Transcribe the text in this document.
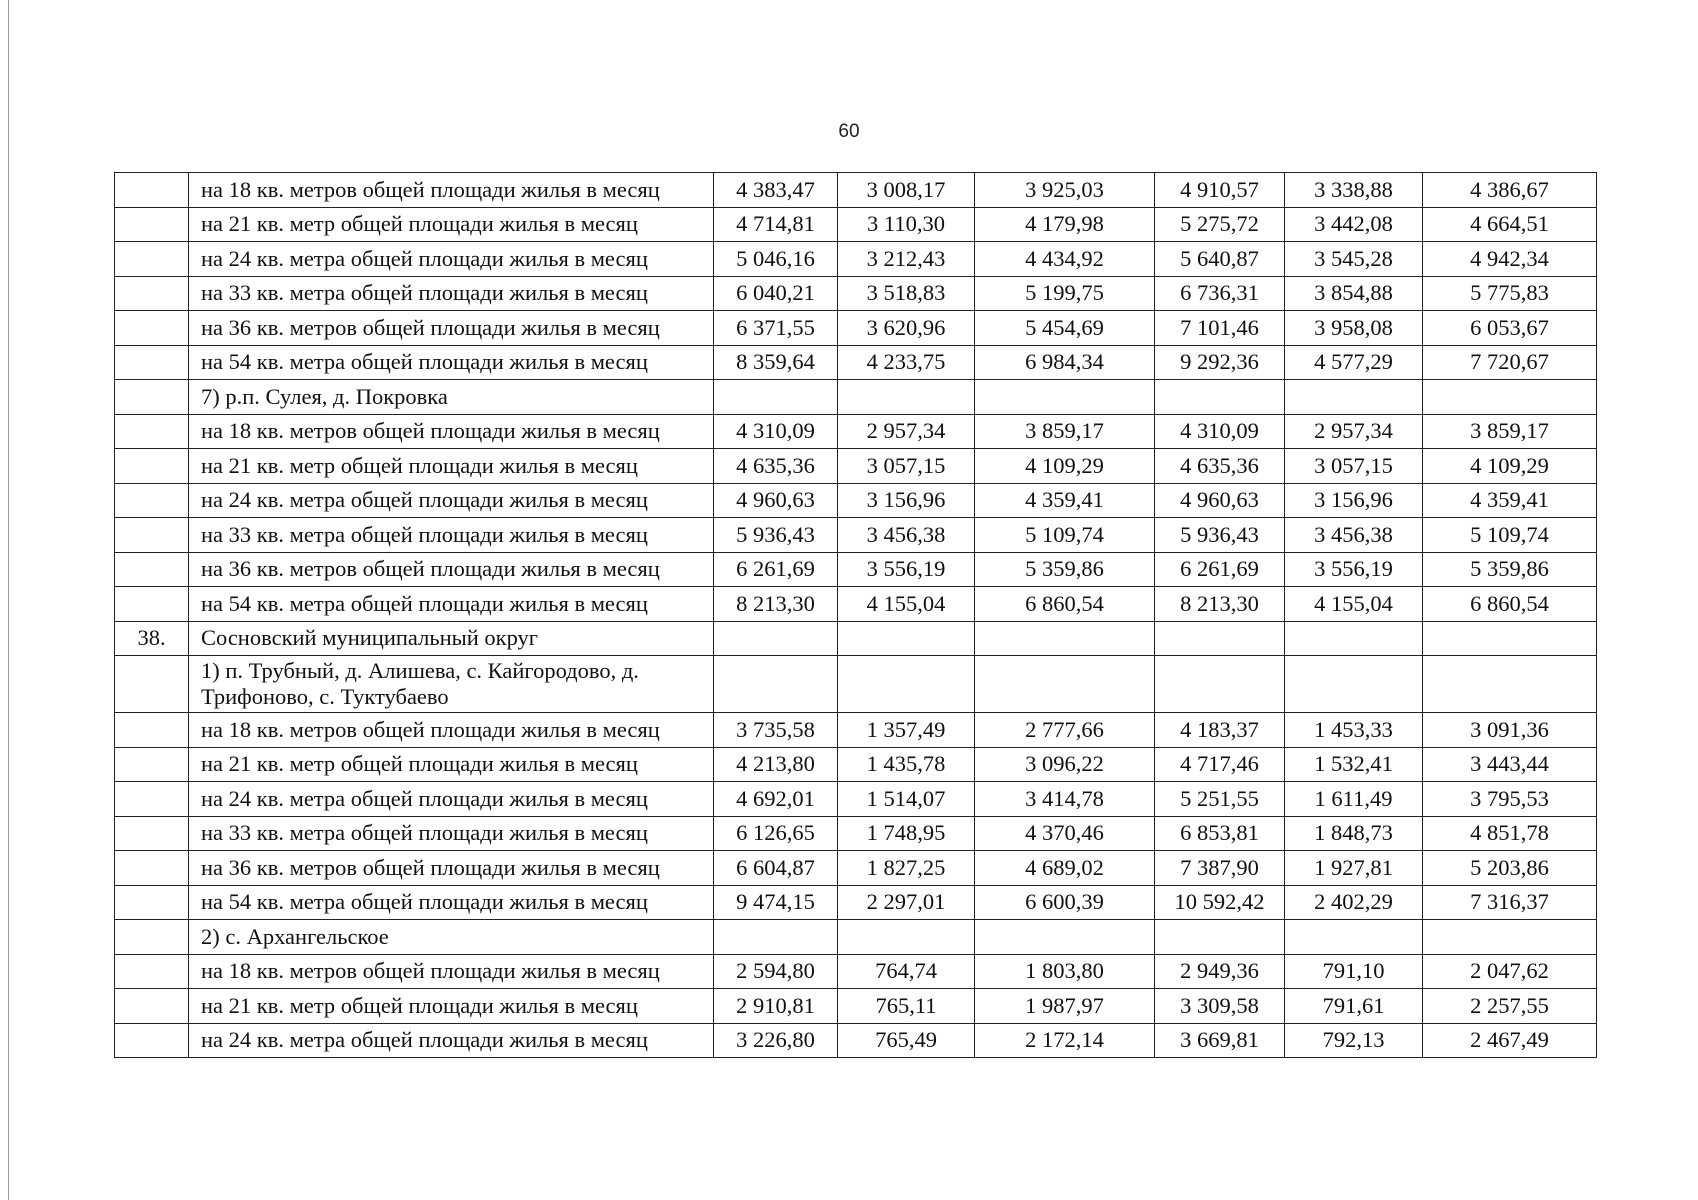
60
	на 18 кв. метров общей площади жилья в месяц	4 383,47	3 008,17	3 925,03	4 910,57	3 338,88	4 386,67
	на 21 кв. метр общей площади жилья в месяц	4 714,81	3 110,30	4 179,98	5 275,72	3 442,08	4 664,51
	на 24 кв. метра общей площади жилья в месяц	5 046,16	3 212,43	4 434,92	5 640,87	3 545,28	4 942,34
	на 33 кв. метра общей площади жилья в месяц	6 040,21	3 518,83	5 199,75	6 736,31	3 854,88	5 775,83
	на 36 кв. метров общей площади жилья в месяц	6 371,55	3 620,96	5 454,69	7 101,46	3 958,08	6 053,67
	на 54 кв. метра общей площади жилья в месяц	8 359,64	4 233,75	6 984,34	9 292,36	4 577,29	7 720,67
	7) р.п. Сулея, д. Покровка						
	на 18 кв. метров общей площади жилья в месяц	4 310,09	2 957,34	3 859,17	4 310,09	2 957,34	3 859,17
	на 21 кв. метр общей площади жилья в месяц	4 635,36	3 057,15	4 109,29	4 635,36	3 057,15	4 109,29
	на 24 кв. метра общей площади жилья в месяц	4 960,63	3 156,96	4 359,41	4 960,63	3 156,96	4 359,41
	на 33 кв. метра общей площади жилья в месяц	5 936,43	3 456,38	5 109,74	5 936,43	3 456,38	5 109,74
	на 36 кв. метров общей площади жилья в месяц	6 261,69	3 556,19	5 359,86	6 261,69	3 556,19	5 359,86
	на 54 кв. метра общей площади жилья в месяц	8 213,30	4 155,04	6 860,54	8 213,30	4 155,04	6 860,54
38.	Сосновский муниципальный округ						
	1) п. Трубный, д. Алишева, с. Кайгородово, д. Трифоново, с. Туктубаево						
	на 18 кв. метров общей площади жилья в месяц	3 735,58	1 357,49	2 777,66	4 183,37	1 453,33	3 091,36
	на 21 кв. метр общей площади жилья в месяц	4 213,80	1 435,78	3 096,22	4 717,46	1 532,41	3 443,44
	на 24 кв. метра общей площади жилья в месяц	4 692,01	1 514,07	3 414,78	5 251,55	1 611,49	3 795,53
	на 33 кв. метра общей площади жилья в месяц	6 126,65	1 748,95	4 370,46	6 853,81	1 848,73	4 851,78
	на 36 кв. метров общей площади жилья в месяц	6 604,87	1 827,25	4 689,02	7 387,90	1 927,81	5 203,86
	на 54 кв. метра общей площади жилья в месяц	9 474,15	2 297,01	6 600,39	10 592,42	2 402,29	7 316,37
	2) с. Архангельское						
	на 18 кв. метров общей площади жилья в месяц	2 594,80	764,74	1 803,80	2 949,36	791,10	2 047,62
	на 21 кв. метр общей площади жилья в месяц	2 910,81	765,11	1 987,97	3 309,58	791,61	2 257,55
	на 24 кв. метра общей площади жилья в месяц	3 226,80	765,49	2 172,14	3 669,81	792,13	2 467,49
